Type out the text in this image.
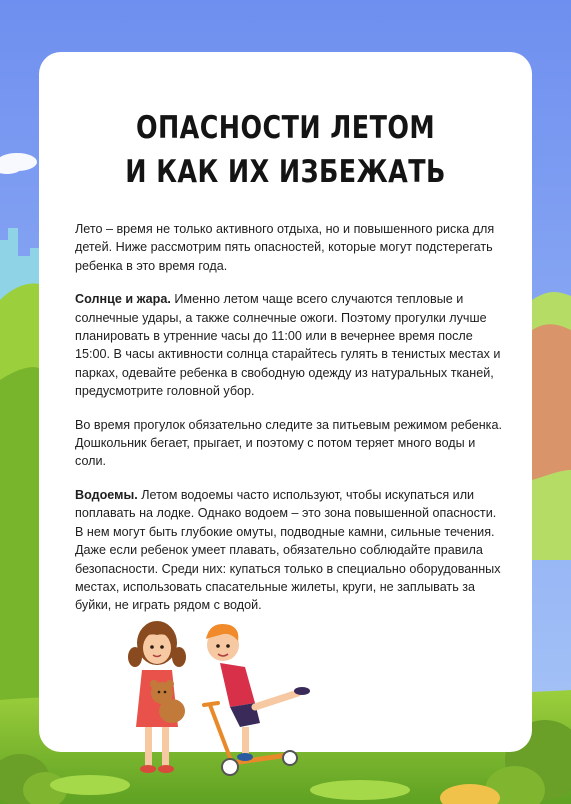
ОПАСНОСТИ ЛЕТОМ
И КАК ИХ ИЗБЕЖАТЬ

Лето – время не только активного отдыха, но и повышенного риска для детей. Ниже рассмотрим пять опасностей, которые могут подстерегать ребенка в это время года.

Солнце и жара. Именно летом чаще всего случаются тепловые и солнечные удары, а также солнечные ожоги. Поэтому прогулки лучше планировать в утренние часы до 11:00 или в вечернее время после 15:00. В часы активности солнца старайтесь гулять в тенистых местах и парках, одевайте ребенка в свободную одежду из натуральных тканей, предусмотрите головной убор.

Во время прогулок обязательно следите за питьевым режимом ребенка. Дошкольник бегает, прыгает, и поэтому с потом теряет много воды и соли.

Водоемы. Летом водоемы часто используют, чтобы искупаться или поплавать на лодке. Однако водоем – это зона повышенной опасности. В нем могут быть глубокие омуты, подводные камни, сильные течения. Даже если ребенок умеет плавать, обязательно соблюдайте правила безопасности. Среди них: купаться только в специально оборудованных местах, использовать спасательные жилеты, круги, не заплывать за буйки, не играть рядом с водой.
